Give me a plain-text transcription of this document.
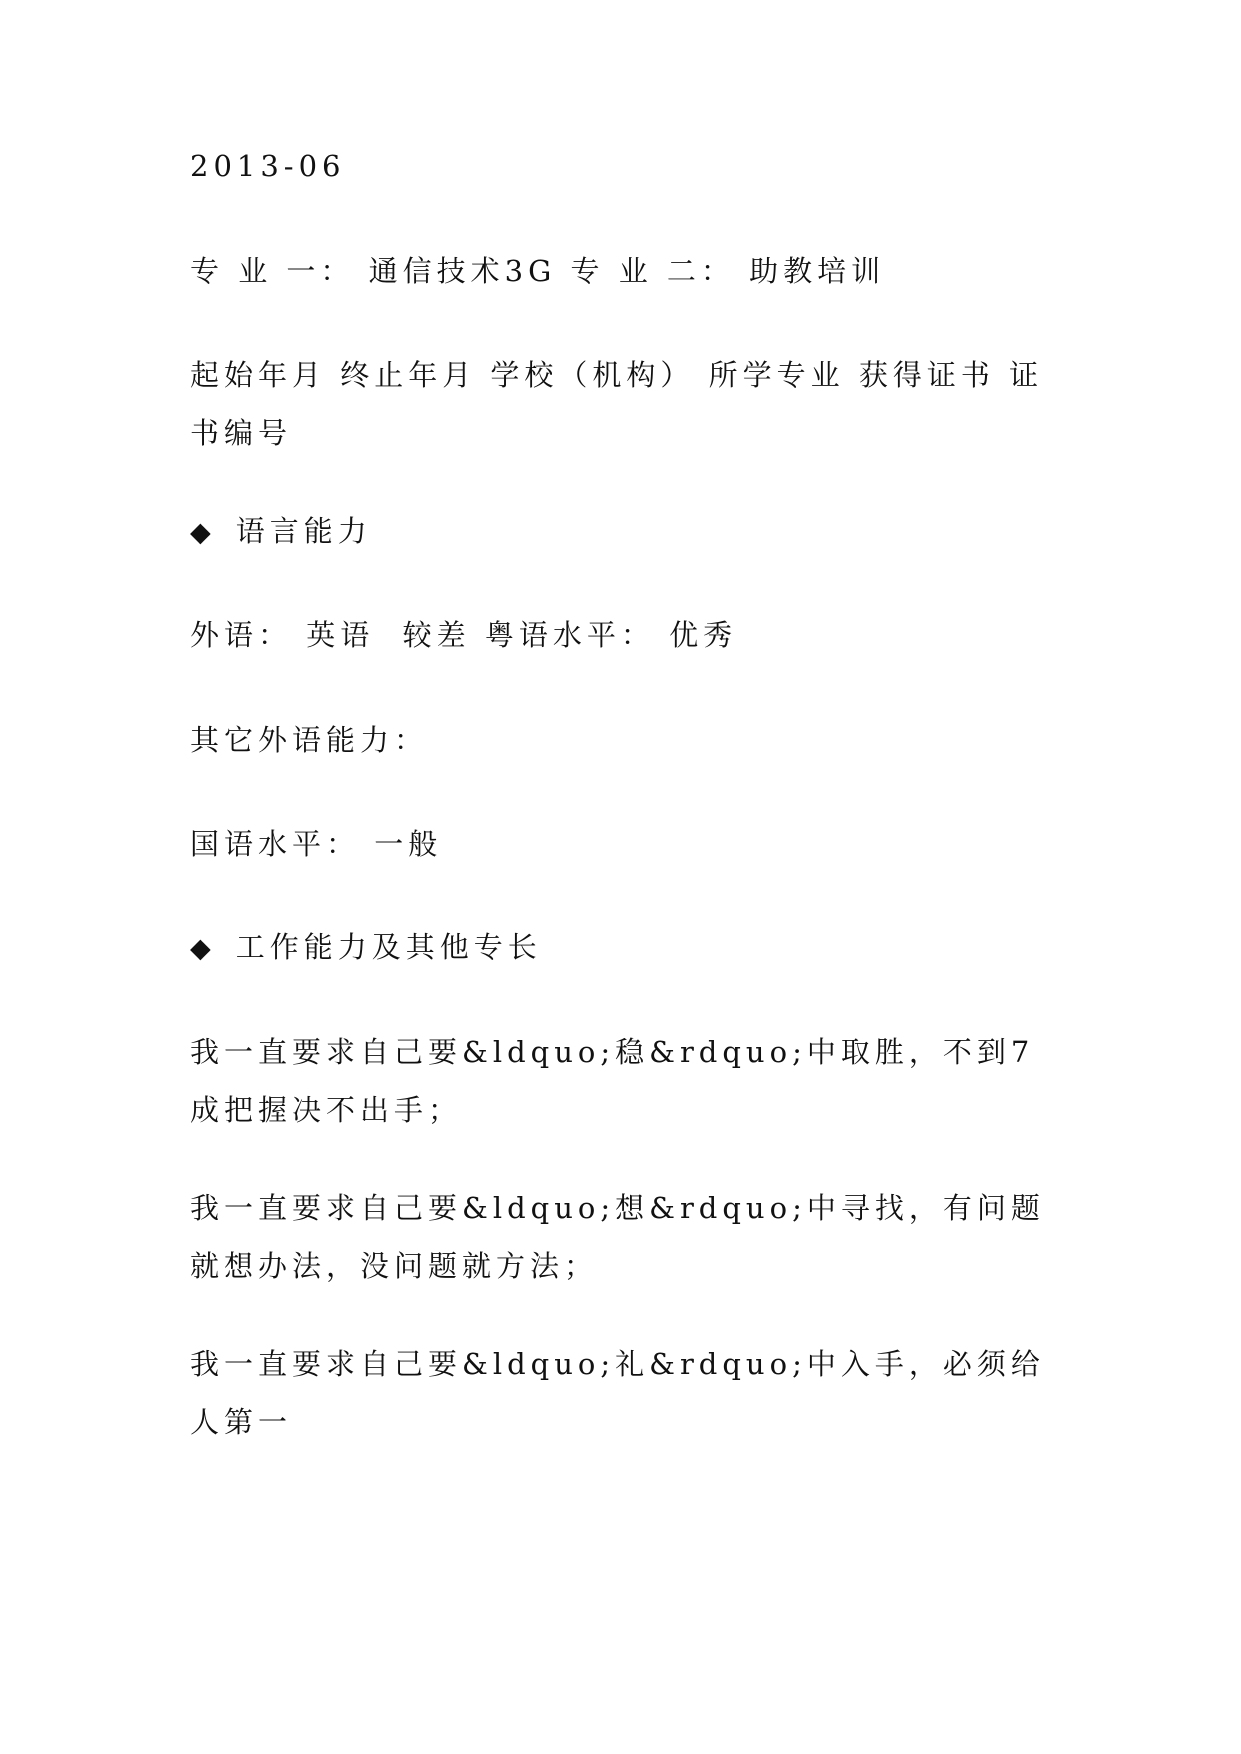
2013-06

专 业 一： 通信技术3G 专 业 二： 助教培训

起始年月 终止年月 学校（机构） 所学专业 获得证书 证书编号

◆ 语言能力

外语： 英语  较差 粤语水平： 优秀

其它外语能力：

国语水平： 一般

◆ 工作能力及其他专长

我一直要求自己要&ldquo;稳&rdquo;中取胜，不到7成把握决不出手；

我一直要求自己要&ldquo;想&rdquo;中寻找，有问题就想办法，没问题就方法；

我一直要求自己要&ldquo;礼&rdquo;中入手，必须给人第一
